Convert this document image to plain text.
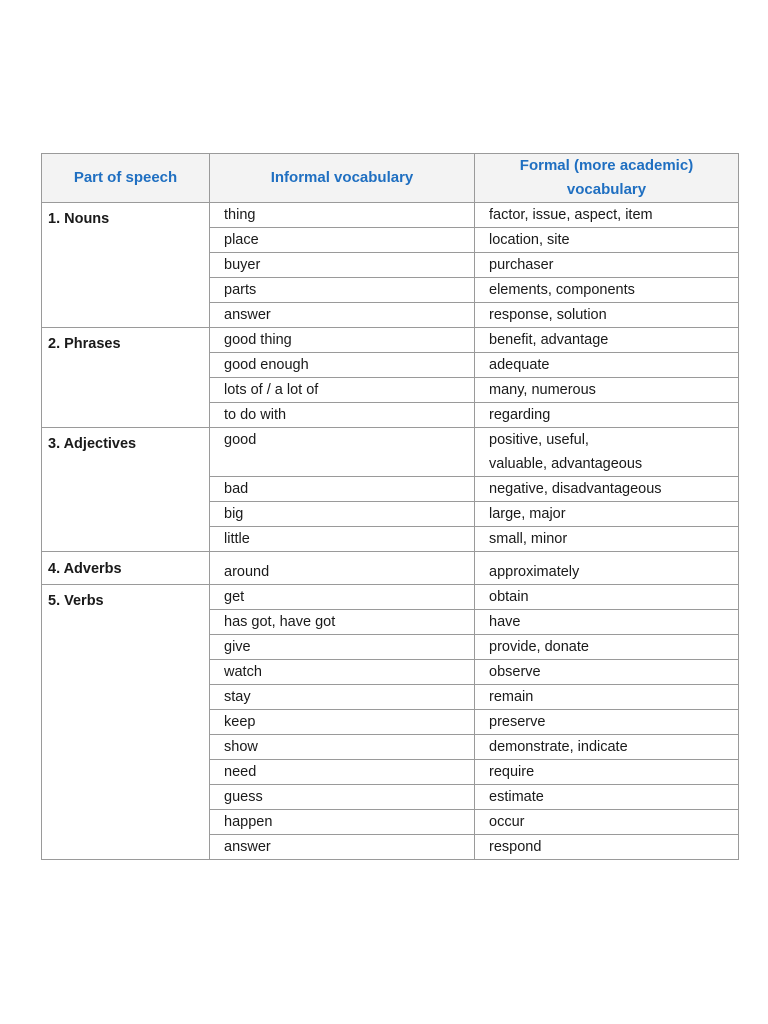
Part of speech	Informal vocabulary	Formal (more academic) vocabulary
1. Nouns	thing	factor, issue, aspect, item
	place	location, site
	buyer	purchaser
	parts	elements, components
	answer	response, solution
2. Phrases	good thing	benefit, advantage
	good enough	adequate
	lots of / a lot of	many, numerous
	to do with	regarding
3. Adjectives	good	positive, useful,
valuable, advantageous

	bad	negative, disadvantageous
	big	large, major
	little	small, minor
4. Adverbs	around	approximately
5. Verbs	get	obtain
	has got, have got	have
	give	provide, donate
	watch	observe
	stay	remain
	keep	preserve
	show	demonstrate, indicate
	need	require
	guess	estimate
	happen	occur
	answer	respond
